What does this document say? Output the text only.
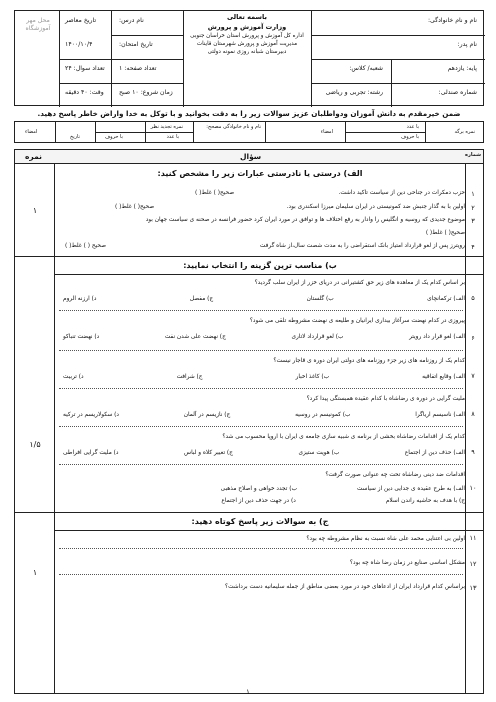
نام و نام خانوادگی:
نام پدر:
پایه: یازدهم
شعبه/ کلاس:
رشته: تجربی و ریاضی	شماره صندلی:
باسمه تعالی
وزارت آموزش و پرورش
اداره کل آموزش و پرورش استان خراسان جنوبی
مدیریت آموزش و پرورش شهرستان قاینات
دبیرستان شبانه روزی نمونه دولتی
نام درس:
تاریخ امتحان:
تعداد صفحه: ۱
زمان شروع: ۱۰ صبح
تاریخ معاصر
۱۴۰۰/۱۰/۴
تعداد سوال: ۲۴
وقت: ۴۰ دقیقه
محل مهر آموزشگاه
ضمن خیرمقدم به دانش آموزان ودواطلبان عزیز سوالات زیر را به دقت بخوانید و با توکل به خدا واراض خاطر پاسخ دهید.
نمره برگه
با عدد
با حروف
امضاء
نام و نام خانوادگی مصحح:
نمره تجدید نظر
با عدد
با حروف
تاریخ
امضاء
شماره
سؤال
نمره
الف) درستی یا نادرستی عبارات زیر را مشخص کنید:
۱
۱
حزب دمکرات در جناحی دین از سیاست تاکید داشت.
صحیح( ) غلط( )
۲
اولین با به گذار جنبش ضد کمونیستی در ایران سلیمان میرزا اسکندری بود.
صحیح( ) غلط( )
۳
موضوع جدیدی که روسیه و انگلیس را وادار به رفع اختلاف ها و توافق در مورد ایران کرد حضور فرانسه در صحنه ی سیاست جهان بود
صحیح( ) غلط( )
۴
رویترز پس از لغو قرارداد امتیاز بانک استقراضی را به مدت شصت سال،از شاه گرفت
صحیح ( ) غلط( )
ب) مناسب ترین گزینه را انتخاب نمایید:
۱/۵
۵
بر اساس کدام یک از معاهده های زیر حق کشتیرانی در دریای خزر از ایران سلب گردید؟
الف) ترکمانچای
ب) گلستان
ج) مفصل
د) ارزنه الروم
۶
پیروزی در کدام نهضت سرآغاز بیداری ایرانیان و طلیعه ی نهضت مشروطه تلقی می شود؟
الف) لغو قرار داد رویتر
ب) لغو قرارداد لاتاری
ج) نهضت علی شدن نفت
د) نهضت تنباکو
۷
کدام یک از روزنامه های زیر جزء روزنامه های دولتی ایران دوره ی قاجار نیست؟
الف) وقایع اتفاقیه
ب) کاغذ اخبار
ج) شرافت
د) تربیت
۸
ملیت گرایی در دوره ی رضاشاه با کدام عقیده همبستگی پیدا کرد؟
الف) ناسیسم اریاگرا
ب) کمونیسم در روسیه
ج) نازیسم در آلمان
د) سکولاریسم در ترکیه
۹
کدام یک از اقدامات رضاشاه بخشی از برنامه ی شبیه سازی جامعه ی ایران با اروپا محسوب می شد؟
الف) حذف دین از اجتماع
ب) هویت ستیزی
ج) تغییر کلاه و لباس
د) ملیت گرایی افراطی
۱۰
اقدامات ضد دینی رضاشاه تحت چه عنوانی صورت گرفت؟
الف) به طرح عقیده ی جدایی دین از سیاست
ب) تجدد خواهی و اصلاح مذهبی
ج) با هدف به حاشیه راندن اسلام
د) در جهت حذف دین از اجتماع
ج) به سوالات زیر پاسخ کوتاه دهید:
۱
۱۱
اولین بی اعتنایی محمد علی شاه نسبت به نظام مشروطه چه بود؟
۱۲
مشکل اساسی صنایع در زمان رضا شاه چه بود؟
۱۳
براساس کدام قرارداد ایران از ادعاهای خود در مورد بعضی مناطق از جمله سلیمانیه دست برداشت؟
۱
